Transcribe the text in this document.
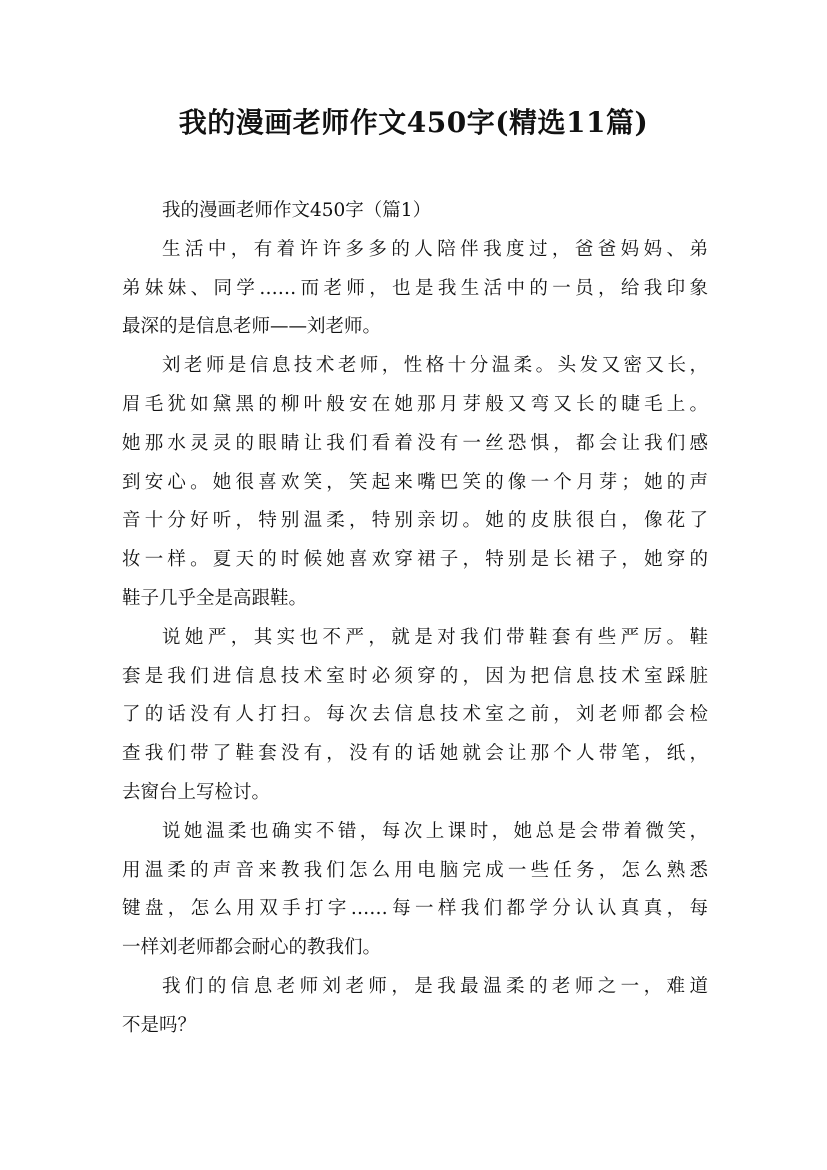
我的漫画老师作文450字(精选11篇)
我的漫画老师作文450字（篇1）
生活中，有着许许多多的人陪伴我度过，爸爸妈妈、弟
弟妹妹、同学……而老师，也是我生活中的一员，给我印象
最深的是信息老师——刘老师。
刘老师是信息技术老师，性格十分温柔。头发又密又长，
眉毛犹如黛黑的柳叶般安在她那月芽般又弯又长的睫毛上。
她那水灵灵的眼睛让我们看着没有一丝恐惧，都会让我们感
到安心。她很喜欢笑，笑起来嘴巴笑的像一个月芽；她的声
音十分好听，特别温柔，特别亲切。她的皮肤很白，像花了
妆一样。夏天的时候她喜欢穿裙子，特别是长裙子，她穿的
鞋子几乎全是高跟鞋。
说她严，其实也不严，就是对我们带鞋套有些严厉。鞋
套是我们进信息技术室时必须穿的，因为把信息技术室踩脏
了的话没有人打扫。每次去信息技术室之前，刘老师都会检
查我们带了鞋套没有，没有的话她就会让那个人带笔，纸，
去窗台上写检讨。
说她温柔也确实不错，每次上课时，她总是会带着微笑，
用温柔的声音来教我们怎么用电脑完成一些任务，怎么熟悉
键盘，怎么用双手打字……每一样我们都学分认认真真，每
一样刘老师都会耐心的教我们。
我们的信息老师刘老师，是我最温柔的老师之一，难道
不是吗？
